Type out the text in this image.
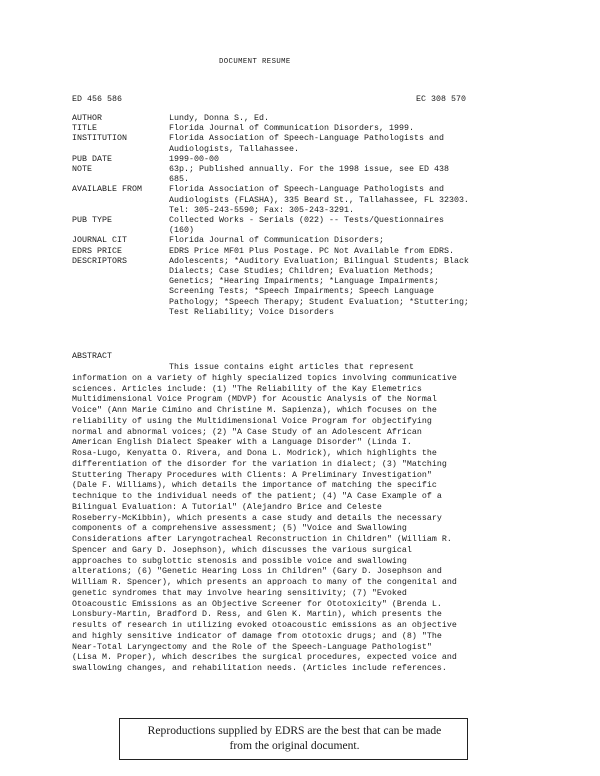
DOCUMENT RESUME
ED 456 586	EC 308 570
AUTHOR	Lundy, Donna S., Ed.
TITLE	Florida Journal of Communication Disorders, 1999.
INSTITUTION	Florida Association of Speech-Language Pathologists and
Audiologists, Tallahassee.
PUB DATE	1999-00-00
NOTE	63p.; Published annually. For the 1998 issue, see ED 438
685.
AVAILABLE FROM	Florida Association of Speech-Language Pathologists and
Audiologists (FLASHA), 335 Beard St., Tallahassee, FL 32303.
Tel: 305-243-5590; Fax: 305-243-3291.
PUB TYPE	Collected Works - Serials (022) -- Tests/Questionnaires
(160)
JOURNAL CIT	Florida Journal of Communication Disorders;
EDRS PRICE	EDRS Price MF01 Plus Postage. PC Not Available from EDRS.
DESCRIPTORS	Adolescents; *Auditory Evaluation; Bilingual Students; Black
Dialects; Case Studies; Children; Evaluation Methods;
Genetics; *Hearing Impairments; *Language Impairments;
Screening Tests; *Speech Impairments; Speech Language
Pathology; *Speech Therapy; Student Evaluation; *Stuttering;
Test Reliability; Voice Disorders
ABSTRACT
This issue contains eight articles that represent
information on a variety of highly specialized topics involving communicative
sciences. Articles include: (1) "The Reliability of the Kay Elemetrics
Multidimensional Voice Program (MDVP) for Acoustic Analysis of the Normal
Voice" (Ann Marie Cimino and Christine M. Sapienza), which focuses on the
reliability of using the Multidimensional Voice Program for objectifying
normal and abnormal voices; (2) "A Case Study of an Adolescent African
American English Dialect Speaker with a Language Disorder" (Linda I.
Rosa-Lugo, Kenyatta O. Rivera, and Dona L. Modrick), which highlights the
differentiation of the disorder for the variation in dialect; (3) "Matching
Stuttering Therapy Procedures with Clients: A Preliminary Investigation"
(Dale F. Williams), which details the importance of matching the specific
technique to the individual needs of the patient; (4) "A Case Example of a
Bilingual Evaluation: A Tutorial" (Alejandro Brice and Celeste
Roseberry-McKibbin), which presents a case study and details the necessary
components of a comprehensive assessment; (5) "Voice and Swallowing
Considerations after Laryngotracheal Reconstruction in Children" (William R.
Spencer and Gary D. Josephson), which discusses the various surgical
approaches to subglottic stenosis and possible voice and swallowing
alterations; (6) "Genetic Hearing Loss in Children" (Gary D. Josephson and
William R. Spencer), which presents an approach to many of the congenital and
genetic syndromes that may involve hearing sensitivity; (7) "Evoked
Otoacoustic Emissions as an Objective Screener for Ototoxicity" (Brenda L.
Lonsbury-Martin, Bradford D. Ress, and Glen K. Martin), which presents the
results of research in utilizing evoked otoacoustic emissions as an objective
and highly sensitive indicator of damage from ototoxic drugs; and (8) "The
Near-Total Laryngectomy and the Role of the Speech-Language Pathologist"
(Lisa M. Proper), which describes the surgical procedures, expected voice and
swallowing changes, and rehabilitation needs. (Articles include references.
Reproductions supplied by EDRS are the best that can be made
from the original document.
